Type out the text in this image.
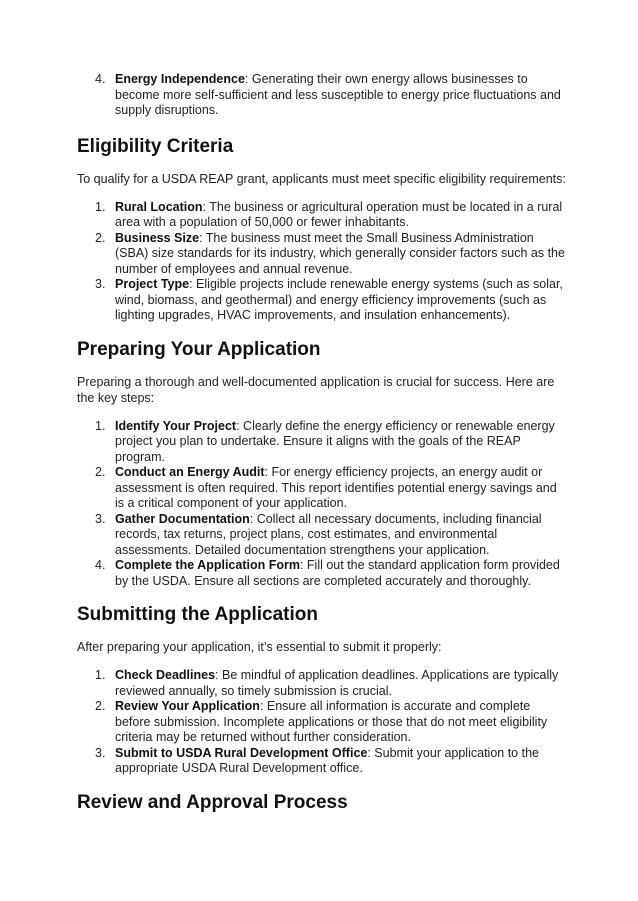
4. Energy Independence: Generating their own energy allows businesses to become more self-sufficient and less susceptible to energy price fluctuations and supply disruptions.
Eligibility Criteria

To qualify for a USDA REAP grant, applicants must meet specific eligibility requirements:

1. Rural Location: The business or agricultural operation must be located in a rural area with a population of 50,000 or fewer inhabitants.
2. Business Size: The business must meet the Small Business Administration (SBA) size standards for its industry, which generally consider factors such as the number of employees and annual revenue.
3. Project Type: Eligible projects include renewable energy systems (such as solar, wind, biomass, and geothermal) and energy efficiency improvements (such as lighting upgrades, HVAC improvements, and insulation enhancements).
Preparing Your Application

Preparing a thorough and well-documented application is crucial for success. Here are the key steps:

1. Identify Your Project: Clearly define the energy efficiency or renewable energy project you plan to undertake. Ensure it aligns with the goals of the REAP program.
2. Conduct an Energy Audit: For energy efficiency projects, an energy audit or assessment is often required. This report identifies potential energy savings and is a critical component of your application.
3. Gather Documentation: Collect all necessary documents, including financial records, tax returns, project plans, cost estimates, and environmental assessments. Detailed documentation strengthens your application.
4. Complete the Application Form: Fill out the standard application form provided by the USDA. Ensure all sections are completed accurately and thoroughly.
Submitting the Application

After preparing your application, it’s essential to submit it properly:

1. Check Deadlines: Be mindful of application deadlines. Applications are typically reviewed annually, so timely submission is crucial.
2. Review Your Application: Ensure all information is accurate and complete before submission. Incomplete applications or those that do not meet eligibility criteria may be returned without further consideration.
3. Submit to USDA Rural Development Office: Submit your application to the appropriate USDA Rural Development office.
Review and Approval Process
